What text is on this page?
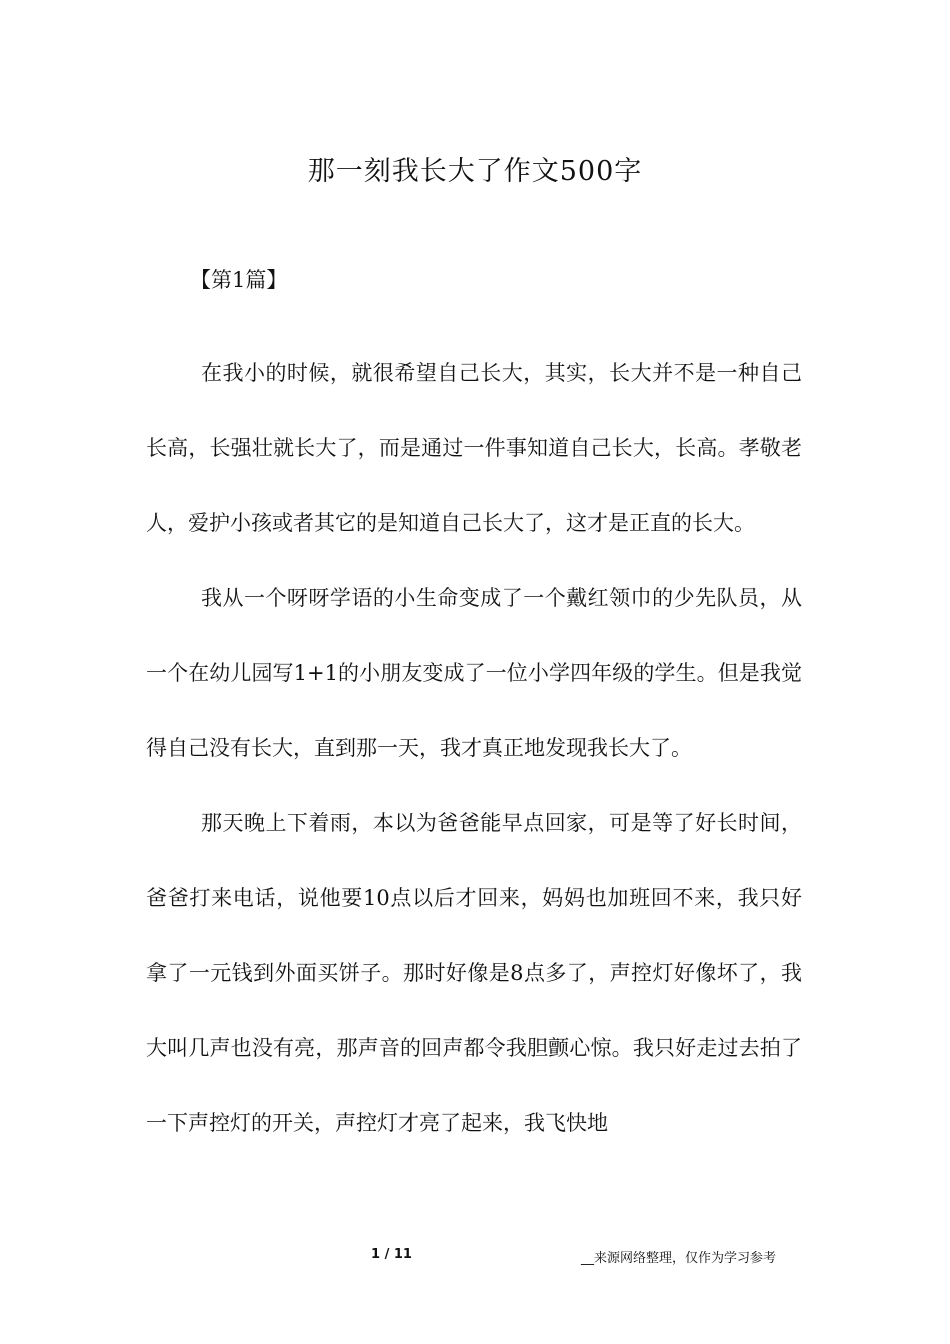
那一刻我长大了作文500字
【第1篇】

在我小的时候，就很希望自己长大，其实，长大并不是一种自己长高，长强壮就长大了，而是通过一件事知道自己长大，长高。孝敬老人，爱护小孩或者其它的是知道自己长大了，这才是正直的长大。

我从一个呀呀学语的小生命变成了一个戴红领巾的少先队员，从一个在幼儿园写1+1的小朋友变成了一位小学四年级的学生。但是我觉得自己没有长大，直到那一天，我才真正地发现我长大了。

那天晚上下着雨，本以为爸爸能早点回家，可是等了好长时间，爸爸打来电话，说他要10点以后才回来，妈妈也加班回不来，我只好拿了一元钱到外面买饼子。那时好像是8点多了，声控灯好像坏了，我大叫几声也没有亮，那声音的回声都令我胆颤心惊。我只好走过去拍了一下声控灯的开关，声控灯才亮了起来，我飞快地

1 / 11	__来源网络整理，仅作为学习参考
